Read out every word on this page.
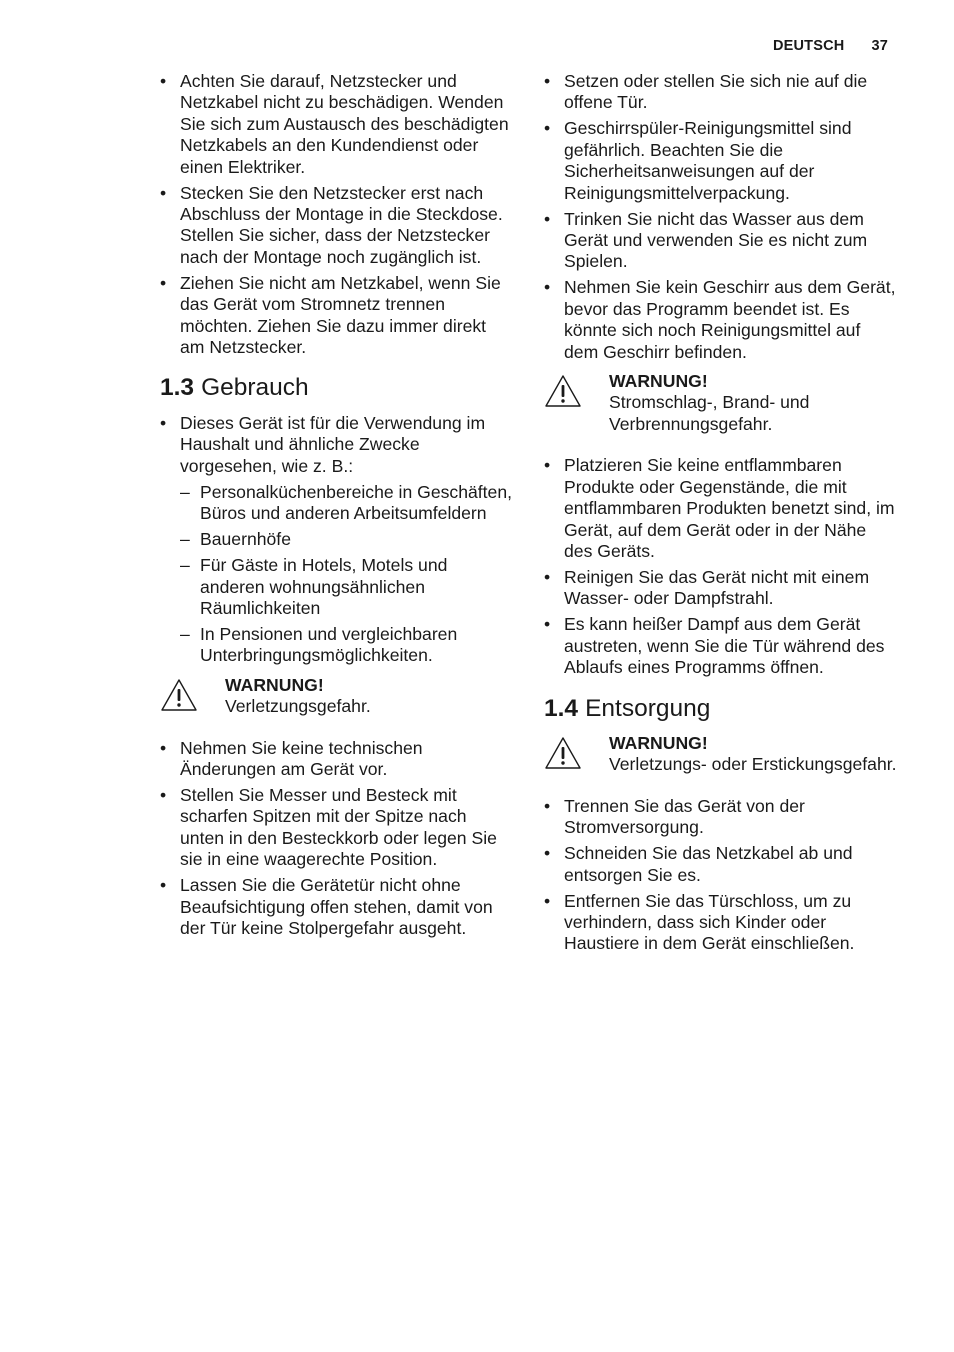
DEUTSCH 37
• Achten Sie darauf, Netzstecker und Netzkabel nicht zu beschädigen. Wenden Sie sich zum Austausch des beschädigten Netzkabels an den Kundendienst oder einen Elektriker.
• Stecken Sie den Netzstecker erst nach Abschluss der Montage in die Steckdose. Stellen Sie sicher, dass der Netzstecker nach der Montage noch zugänglich ist.
• Ziehen Sie nicht am Netzkabel, wenn Sie das Gerät vom Stromnetz trennen möchten. Ziehen Sie dazu immer direkt am Netzstecker.
1.3 Gebrauch
• Dieses Gerät ist für die Verwendung im Haushalt und ähnliche Zwecke vorgesehen, wie z. B.:
– Personalküchenbereiche in Geschäften, Büros und anderen Arbeitsumfeldern
– Bauernhöfe
– Für Gäste in Hotels, Motels und anderen wohnungsähnlichen Räumlichkeiten
– In Pensionen und vergleichbaren Unterbringungsmöglichkeiten.
WARNUNG!
Verletzungsgefahr.
• Nehmen Sie keine technischen Änderungen am Gerät vor.
• Stellen Sie Messer und Besteck mit scharfen Spitzen mit der Spitze nach unten in den Besteckkorb oder legen Sie sie in eine waagerechte Position.
• Lassen Sie die Gerätetür nicht ohne Beaufsichtigung offen stehen, damit von der Tür keine Stolpergefahr ausgeht.
• Setzen oder stellen Sie sich nie auf die offene Tür.
• Geschirrspüler-Reinigungsmittel sind gefährlich. Beachten Sie die Sicherheitsanweisungen auf der Reinigungsmittelverpackung.
• Trinken Sie nicht das Wasser aus dem Gerät und verwenden Sie es nicht zum Spielen.
• Nehmen Sie kein Geschirr aus dem Gerät, bevor das Programm beendet ist. Es könnte sich noch Reinigungsmittel auf dem Geschirr befinden.
WARNUNG!
Stromschlag-, Brand- und Verbrennungsgefahr.
• Platzieren Sie keine entflammbaren Produkte oder Gegenstände, die mit entflammbaren Produkten benetzt sind, im Gerät, auf dem Gerät oder in der Nähe des Geräts.
• Reinigen Sie das Gerät nicht mit einem Wasser- oder Dampfstrahl.
• Es kann heißer Dampf aus dem Gerät austreten, wenn Sie die Tür während des Ablaufs eines Programms öffnen.
1.4 Entsorgung
WARNUNG!
Verletzungs- oder Erstickungsgefahr.
• Trennen Sie das Gerät von der Stromversorgung.
• Schneiden Sie das Netzkabel ab und entsorgen Sie es.
• Entfernen Sie das Türschloss, um zu verhindern, dass sich Kinder oder Haustiere in dem Gerät einschließen.
